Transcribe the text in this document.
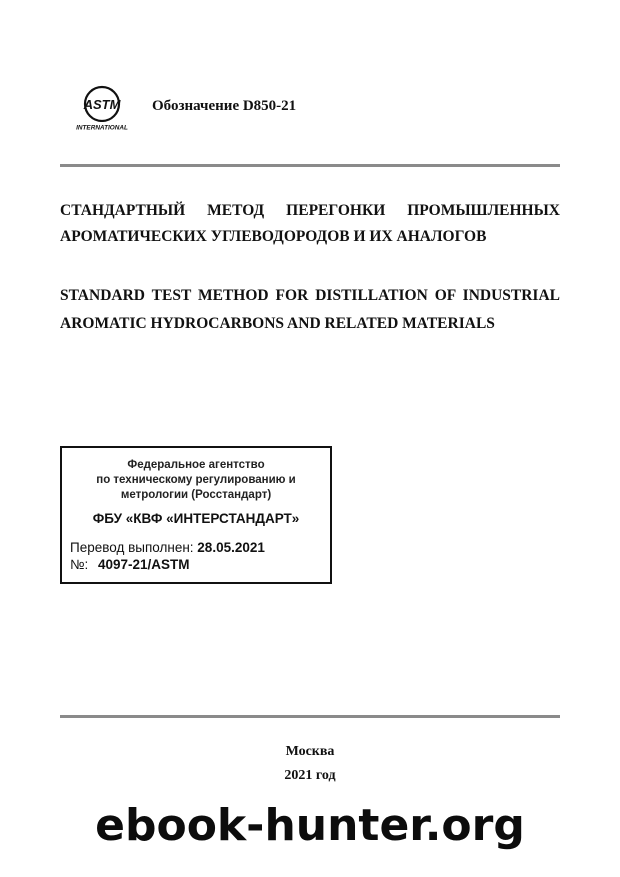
ASTM
INTERNATIONAL
Обозначение D850-21

СТАНДАРТНЫЙ МЕТОД ПЕРЕГОНКИ ПРОМЫШЛЕННЫХ АРОМАТИЧЕСКИХ УГЛЕВОДОРОДОВ И ИХ АНАЛОГОВ

STANDARD TEST METHOD FOR DISTILLATION OF INDUSTRIAL AROMATIC HYDROCARBONS AND RELATED MATERIALS

Федеральное агентство
по техническому регулированию и
метрологии (Росстандарт)
ФБУ «КВФ «ИНТЕРСТАНДАРТ»
Перевод выполнен: 28.05.2021
№: 4097-21/ASTM
Москва
2021 год
ebook-hunter.org
